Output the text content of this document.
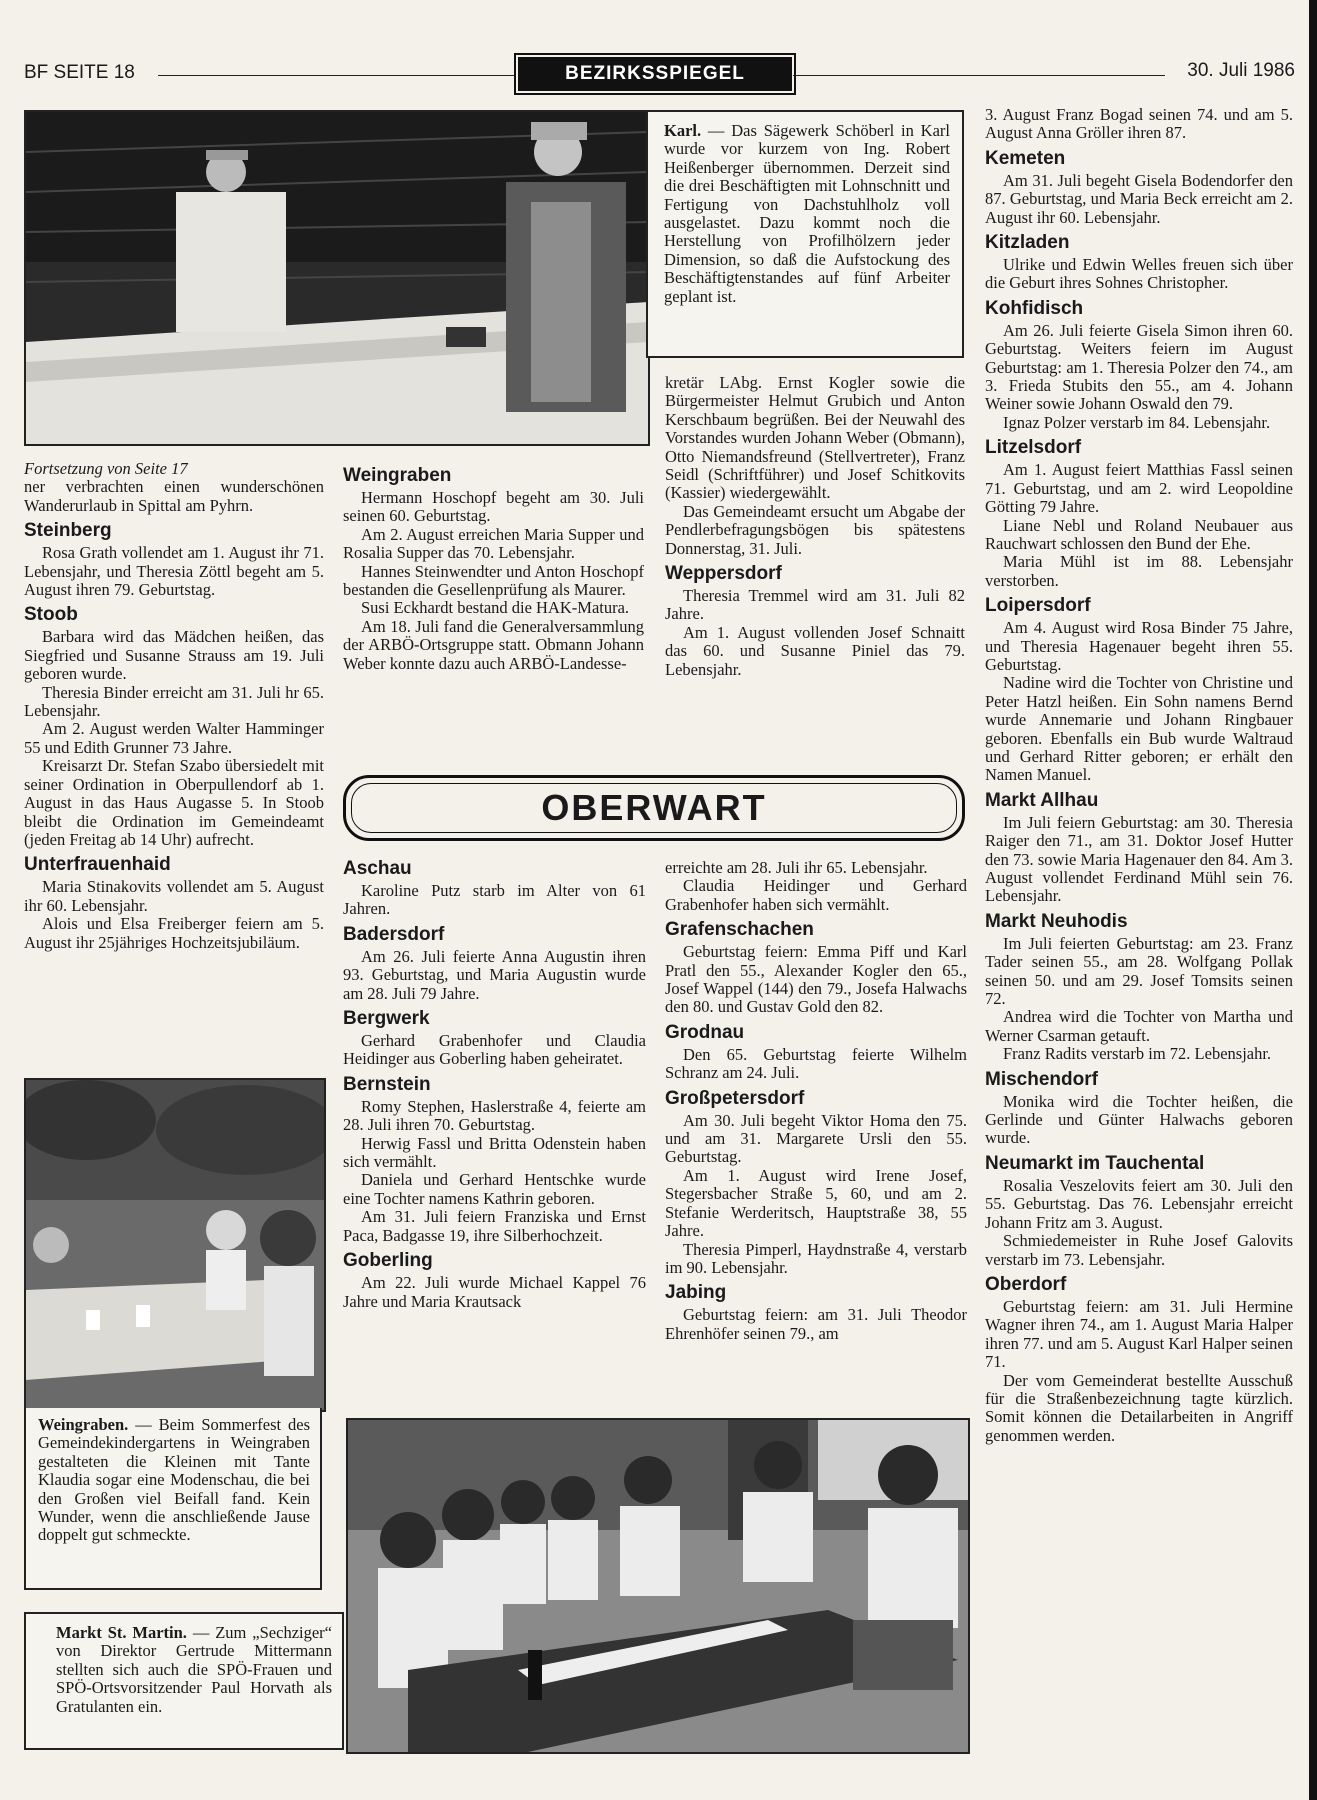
BF SEITE 18	BEZIRKSSPIEGEL	30. Juli 1986
Karl. — Das Sägewerk Schöberl in Karl wurde vor kurzem von Ing. Robert Heißenberger übernommen. Derzeit sind die drei Beschäftigten mit Lohnschnitt und Fertigung von Dachstuhlholz voll ausgelastet. Dazu kommt noch die Herstellung von Profilhölzern jeder Dimension, so daß die Aufstockung des Beschäftigtenstandes auf fünf Arbeiter geplant ist.

Fortsetzung von Seite 17

ner verbrachten einen wunderschönen Wanderurlaub in Spittal am Pyhrn.

Steinberg

Rosa Grath vollendet am 1. August ihr 71. Lebensjahr, und Theresia Zöttl begeht am 5. August ihren 79. Geburtstag.

Stoob

Barbara wird das Mädchen heißen, das Siegfried und Susanne Strauss am 19. Juli geboren wurde.

Theresia Binder erreicht am 31. Juli hr 65. Lebensjahr.

Am 2. August werden Walter Hamminger 55 und Edith Grunner 73 Jahre.

Kreisarzt Dr. Stefan Szabo übersiedelt mit seiner Ordination in Oberpullendorf ab 1. August in das Haus Augasse 5. In Stoob bleibt die Ordination im Gemeindeamt (jeden Freitag ab 14 Uhr) aufrecht.

Unterfrauenhaid

Maria Stinakovits vollendet am 5. August ihr 60. Lebensjahr.

Alois und Elsa Freiberger feiern am 5. August ihr 25jähriges Hochzeitsjubiläum.

Weingraben. — Beim Sommerfest des Gemeindekindergartens in Weingraben gestalteten die Kleinen mit Tante Klaudia sogar eine Modenschau, die bei den Großen viel Beifall fand. Kein Wunder, wenn die anschließende Jause doppelt gut schmeckte.
Markt St. Martin. — Zum „Sechziger“ von Direktor Gertrude Mittermann stellten sich auch die SPÖ-Frauen und SPÖ-Ortsvorsitzender Paul Horvath als Gratulanten ein.
Weingraben

Hermann Hoschopf begeht am 30. Juli seinen 60. Geburtstag.

Am 2. August erreichen Maria Supper und Rosalia Supper das 70. Lebensjahr.

Hannes Steinwendter und Anton Hoschopf bestanden die Gesellenprüfung als Maurer.

Susi Eckhardt bestand die HAK-Matura.

Am 18. Juli fand die Generalversammlung der ARBÖ-Ortsgruppe statt. Obmann Johann Weber konnte dazu auch ARBÖ-Landesse-

kretär LAbg. Ernst Kogler sowie die Bürgermeister Helmut Grubich und Anton Kerschbaum begrüßen. Bei der Neuwahl des Vorstandes wurden Johann Weber (Obmann), Otto Niemandsfreund (Stellvertreter), Franz Seidl (Schriftführer) und Josef Schitkovits (Kassier) wiedergewählt.

Das Gemeindeamt ersucht um Abgabe der Pendlerbefragungsbögen bis spätestens Donnerstag, 31. Juli.

Weppersdorf

Theresia Tremmel wird am 31. Juli 82 Jahre.

Am 1. August vollenden Josef Schnaitt das 60. und Susanne Piniel das 79. Lebensjahr.

OBERWART
Aschau

Karoline Putz starb im Alter von 61 Jahren.

Badersdorf

Am 26. Juli feierte Anna Augustin ihren 93. Geburtstag, und Maria Augustin wurde am 28. Juli 79 Jahre.

Bergwerk

Gerhard Grabenhofer und Claudia Heidinger aus Goberling haben geheiratet.

Bernstein

Romy Stephen, Haslerstraße 4, feierte am 28. Juli ihren 70. Geburtstag.

Herwig Fassl und Britta Odenstein haben sich vermählt.

Daniela und Gerhard Hentschke wurde eine Tochter namens Kathrin geboren.

Am 31. Juli feiern Franziska und Ernst Paca, Badgasse 19, ihre Silberhochzeit.

Goberling

Am 22. Juli wurde Michael Kappel 76 Jahre und Maria Krautsack

erreichte am 28. Juli ihr 65. Lebensjahr.

Claudia Heidinger und Gerhard Grabenhofer haben sich vermählt.

Grafenschachen

Geburtstag feiern: Emma Piff und Karl Pratl den 55., Alexander Kogler den 65., Josef Wappel (144) den 79., Josefa Halwachs den 80. und Gustav Gold den 82.

Grodnau

Den 65. Geburtstag feierte Wilhelm Schranz am 24. Juli.

Großpetersdorf

Am 30. Juli begeht Viktor Homa den 75. und am 31. Margarete Ursli den 55. Geburtstag.

Am 1. August wird Irene Josef, Stegersbacher Straße 5, 60, und am 2. Stefanie Werderitsch, Hauptstraße 38, 55 Jahre.

Theresia Pimperl, Haydnstraße 4, verstarb im 90. Lebensjahr.

Jabing

Geburtstag feiern: am 31. Juli Theodor Ehrenhöfer seinen 79., am

3. August Franz Bogad seinen 74. und am 5. August Anna Gröller ihren 87.

Kemeten

Am 31. Juli begeht Gisela Bodendorfer den 87. Geburtstag, und Maria Beck erreicht am 2. August ihr 60. Lebensjahr.

Kitzladen

Ulrike und Edwin Welles freuen sich über die Geburt ihres Sohnes Christopher.

Kohfidisch

Am 26. Juli feierte Gisela Simon ihren 60. Geburtstag. Weiters feiern im August Geburtstag: am 1. Theresia Polzer den 74., am 3. Frieda Stubits den 55., am 4. Johann Weiner sowie Johann Oswald den 79.

Ignaz Polzer verstarb im 84. Lebensjahr.

Litzelsdorf

Am 1. August feiert Matthias Fassl seinen 71. Geburtstag, und am 2. wird Leopoldine Götting 79 Jahre.

Liane Nebl und Roland Neubauer aus Rauchwart schlossen den Bund der Ehe.

Maria Mühl ist im 88. Lebensjahr verstorben.

Loipersdorf

Am 4. August wird Rosa Binder 75 Jahre, und Theresia Hagenauer begeht ihren 55. Geburtstag.

Nadine wird die Tochter von Christine und Peter Hatzl heißen. Ein Sohn namens Bernd wurde Annemarie und Johann Ringbauer geboren. Ebenfalls ein Bub wurde Waltraud und Gerhard Ritter geboren; er erhält den Namen Manuel.

Markt Allhau

Im Juli feiern Geburtstag: am 30. Theresia Raiger den 71., am 31. Doktor Josef Hutter den 73. sowie Maria Hagenauer den 84. Am 3. August vollendet Ferdinand Mühl sein 76. Lebensjahr.

Markt Neuhodis

Im Juli feierten Geburtstag: am 23. Franz Tader seinen 55., am 28. Wolfgang Pollak seinen 50. und am 29. Josef Tomsits seinen 72.

Andrea wird die Tochter von Martha und Werner Csarman getauft.

Franz Radits verstarb im 72. Lebensjahr.

Mischendorf

Monika wird die Tochter heißen, die Gerlinde und Günter Halwachs geboren wurde.

Neumarkt im Tauchental

Rosalia Veszelovits feiert am 30. Juli den 55. Geburtstag. Das 76. Lebensjahr erreicht Johann Fritz am 3. August.

Schmiedemeister in Ruhe Josef Galovits verstarb im 73. Lebensjahr.

Oberdorf

Geburtstag feiern: am 31. Juli Hermine Wagner ihren 74., am 1. August Maria Halper ihren 77. und am 5. August Karl Halper seinen 71.

Der vom Gemeinderat bestellte Ausschuß für die Straßenbezeichnung tagte kürzlich. Somit können die Detailarbeiten in Angriff genommen werden.
